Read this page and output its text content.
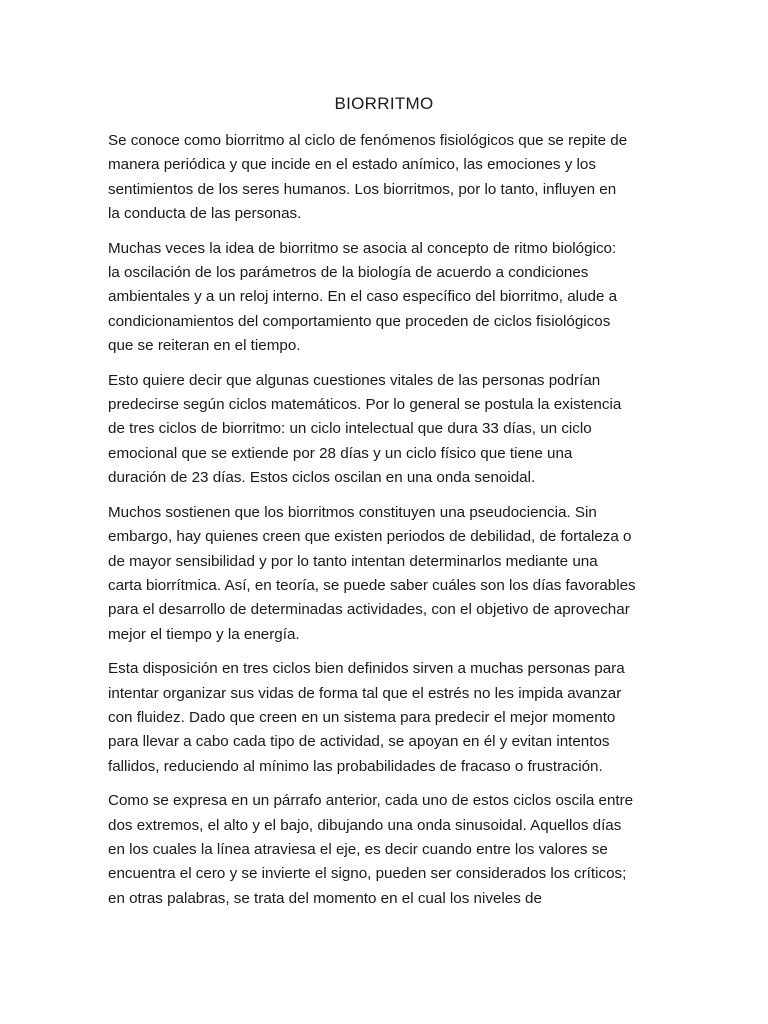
BIORRITMO

Se conoce como biorritmo al ciclo de fenómenos fisiológicos que se repite de
manera periódica y que incide en el estado anímico, las emociones y los
sentimientos de los seres humanos. Los biorritmos, por lo tanto, influyen en
la conducta de las personas.

Muchas veces la idea de biorritmo se asocia al concepto de ritmo biológico:
la oscilación de los parámetros de la biología de acuerdo a condiciones
ambientales y a un reloj interno. En el caso específico del biorritmo, alude a
condicionamientos del comportamiento que proceden de ciclos fisiológicos
que se reiteran en el tiempo.

Esto quiere decir que algunas cuestiones vitales de las personas podrían
predecirse según ciclos matemáticos. Por lo general se postula la existencia
de tres ciclos de biorritmo: un ciclo intelectual que dura 33 días, un ciclo
emocional que se extiende por 28 días y un ciclo físico que tiene una
duración de 23 días. Estos ciclos oscilan en una onda senoidal.

Muchos sostienen que los biorritmos constituyen una pseudociencia. Sin
embargo, hay quienes creen que existen periodos de debilidad, de fortaleza o
de mayor sensibilidad y por lo tanto intentan determinarlos mediante una
carta biorrítmica. Así, en teoría, se puede saber cuáles son los días favorables
para el desarrollo de determinadas actividades, con el objetivo de aprovechar
mejor el tiempo y la energía.

Esta disposición en tres ciclos bien definidos sirven a muchas personas para
intentar organizar sus vidas de forma tal que el estrés no les impida avanzar
con fluidez. Dado que creen en un sistema para predecir el mejor momento
para llevar a cabo cada tipo de actividad, se apoyan en él y evitan intentos
fallidos, reduciendo al mínimo las probabilidades de fracaso o frustración.

Como se expresa en un párrafo anterior, cada uno de estos ciclos oscila entre
dos extremos, el alto y el bajo, dibujando una onda sinusoidal. Aquellos días
en los cuales la línea atraviesa el eje, es decir cuando entre los valores se
encuentra el cero y se invierte el signo, pueden ser considerados los críticos;
en otras palabras, se trata del momento en el cual los niveles de
